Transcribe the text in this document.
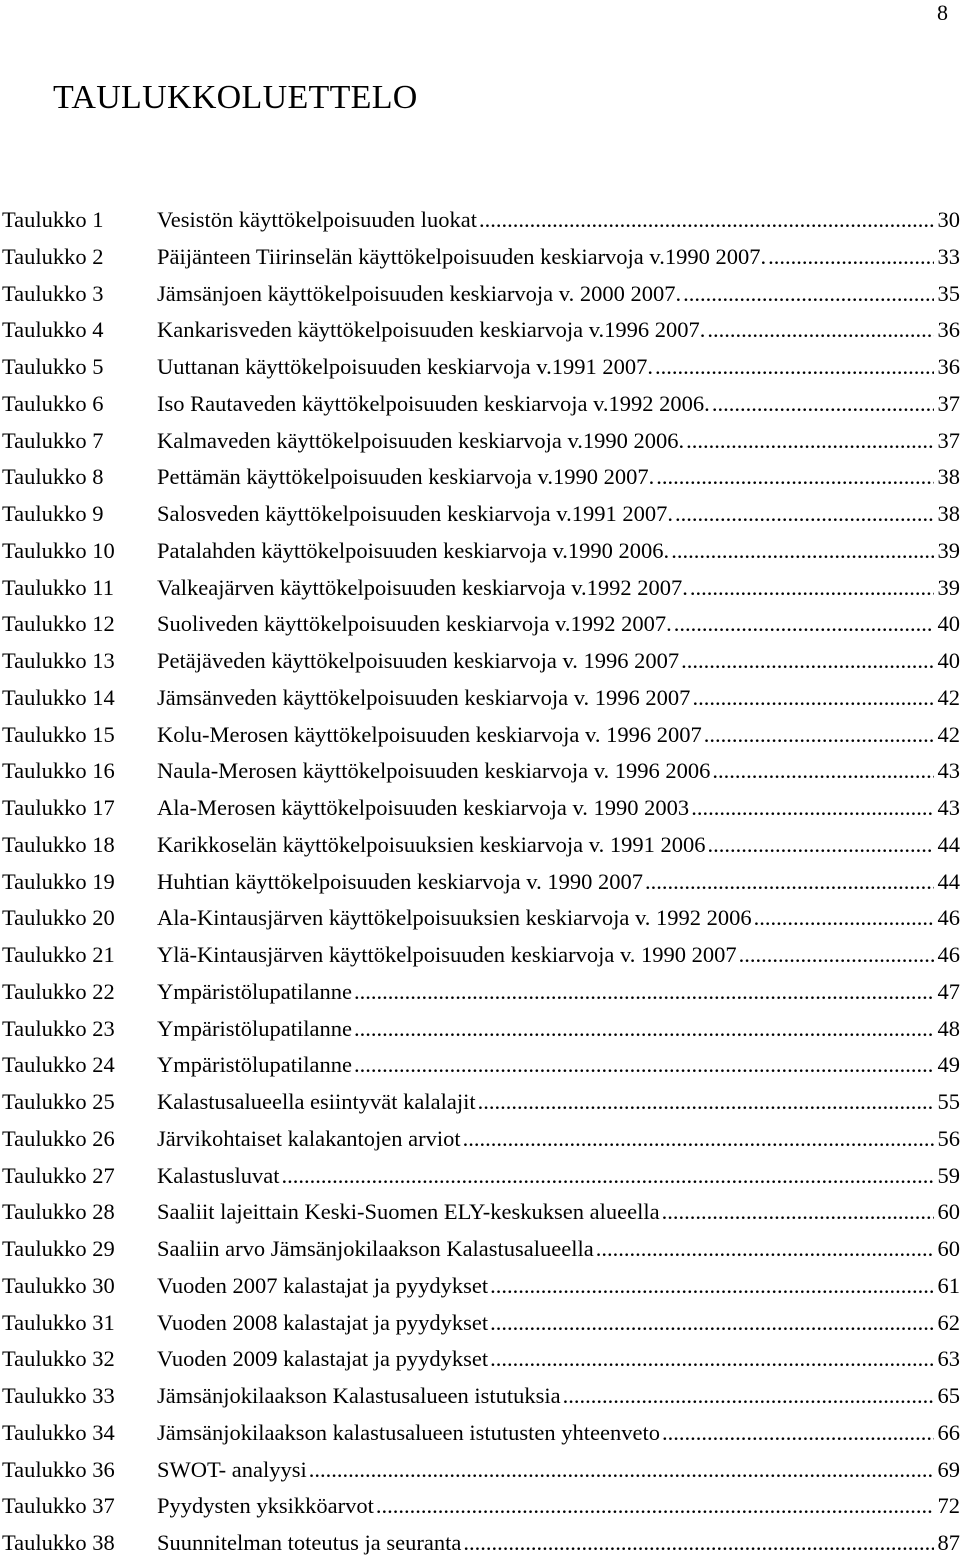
8
TAULUKKOLUETTELO
Taulukko 1	Vesistön käyttökelpoisuuden luokat .....	30
Taulukko 2	Päijänteen Tiirinselän käyttökelpoisuuden keskiarvoja v.1990 2007. .....	33
Taulukko 3	Jämsänjoen käyttökelpoisuuden keskiarvoja v. 2000 2007. .....	35
Taulukko 4	Kankarisveden käyttökelpoisuuden keskiarvoja v.1996 2007. .....	36
Taulukko 5	Uuttanan käyttökelpoisuuden keskiarvoja v.1991 2007. .....	36
Taulukko 6	Iso Rautaveden käyttökelpoisuuden keskiarvoja v.1992 2006. .....	37
Taulukko 7	Kalmaveden käyttökelpoisuuden keskiarvoja v.1990 2006. .....	37
Taulukko 8	Pettämän käyttökelpoisuuden keskiarvoja v.1990 2007. .....	38
Taulukko 9	Salosveden käyttökelpoisuuden keskiarvoja v.1991 2007. .....	38
Taulukko 10	Patalahden käyttökelpoisuuden keskiarvoja v.1990 2006. .....	39
Taulukko 11	Valkeajärven käyttökelpoisuuden keskiarvoja v.1992 2007. .....	39
Taulukko 12	Suoliveden käyttökelpoisuuden keskiarvoja v.1992 2007. .....	40
Taulukko 13	Petäjäveden käyttökelpoisuuden keskiarvoja v. 1996 2007 .....	40
Taulukko 14	Jämsänveden käyttökelpoisuuden keskiarvoja v. 1996 2007 .....	42
Taulukko 15	Kolu-Merosen käyttökelpoisuuden keskiarvoja v. 1996 2007 .....	42
Taulukko 16	Naula-Merosen käyttökelpoisuuden keskiarvoja v. 1996 2006 .....	43
Taulukko 17	Ala-Merosen käyttökelpoisuuden keskiarvoja v. 1990 2003 .....	43
Taulukko 18	Karikkoselän käyttökelpoisuuksien keskiarvoja v. 1991 2006 .....	44
Taulukko 19	Huhtian käyttökelpoisuuden keskiarvoja v. 1990 2007 .....	44
Taulukko 20	Ala-Kintausjärven käyttökelpoisuuksien keskiarvoja v. 1992 2006 .....	46
Taulukko 21	Ylä-Kintausjärven käyttökelpoisuuden keskiarvoja v. 1990 2007 .....	46
Taulukko 22	Ympäristölupatilanne .....	47
Taulukko 23	Ympäristölupatilanne .....	48
Taulukko 24	Ympäristölupatilanne .....	49
Taulukko 25	Kalastusalueella esiintyvät kalalajit .....	55
Taulukko 26	Järvikohtaiset kalakantojen arviot .....	56
Taulukko 27	Kalastusluvat .....	59
Taulukko 28	Saaliit lajeittain Keski-Suomen ELY-keskuksen alueella .....	60
Taulukko 29	Saaliin arvo Jämsänjokilaakson Kalastusalueella .....	60
Taulukko 30	Vuoden 2007 kalastajat ja pyydykset .....	61
Taulukko 31	Vuoden 2008 kalastajat ja pyydykset .....	62
Taulukko 32	Vuoden 2009 kalastajat ja pyydykset .....	63
Taulukko 33	Jämsänjokilaakson Kalastusalueen istutuksia .....	65
Taulukko 34	Jämsänjokilaakson kalastusalueen istutusten yhteenveto .....	66
Taulukko 36	SWOT- analyysi .....	69
Taulukko 37	Pyydysten yksikköarvot .....	72
Taulukko 38	Suunnitelman toteutus ja seuranta .....	87
